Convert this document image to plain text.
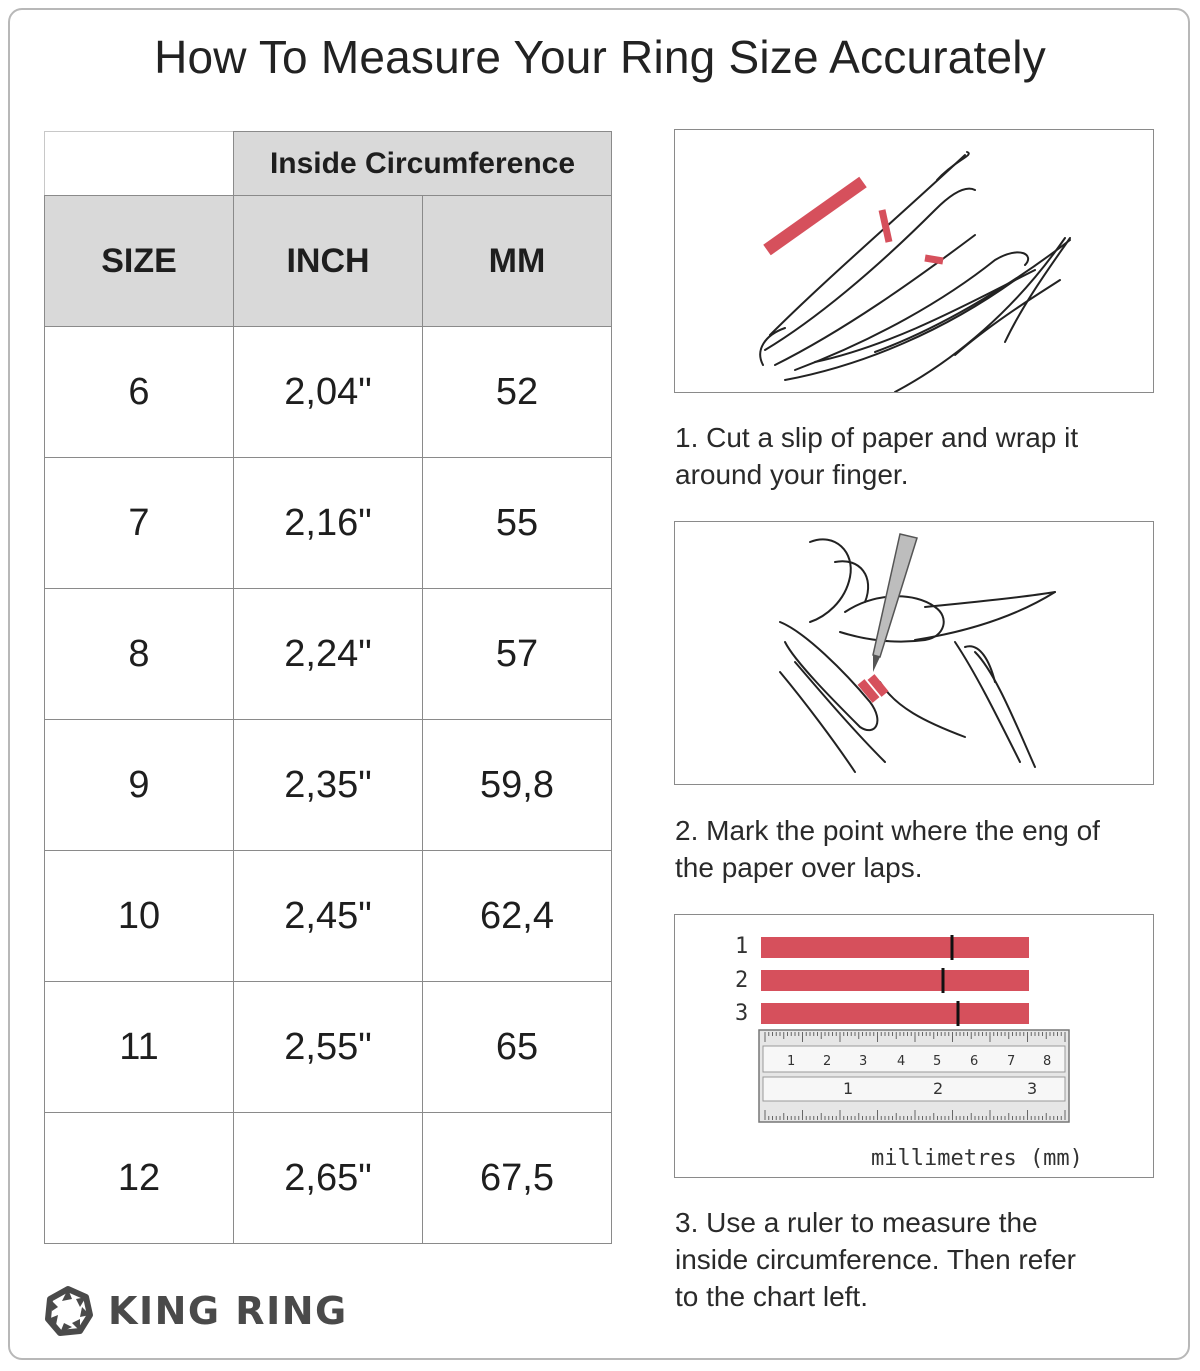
How To Measure Your Ring Size Accurately
	Inside Circumference	
SIZE	INCH	MM
6	2,04"	52
7	2,16"	55
8	2,24"	57
9	2,35"	59,8
10	2,45"	62,4
11	2,55"	65
12	2,65"	67,5
1. Cut a slip of paper and wrap it
around your finger.
2. Mark the point where the eng of
the paper over laps.
1
2
3
1 2 3 4 5 6 7 8
1	2	3
millimetres (mm)
3. Use a ruler to measure the
inside circumference. Then refer
to the chart left.
KING RING
